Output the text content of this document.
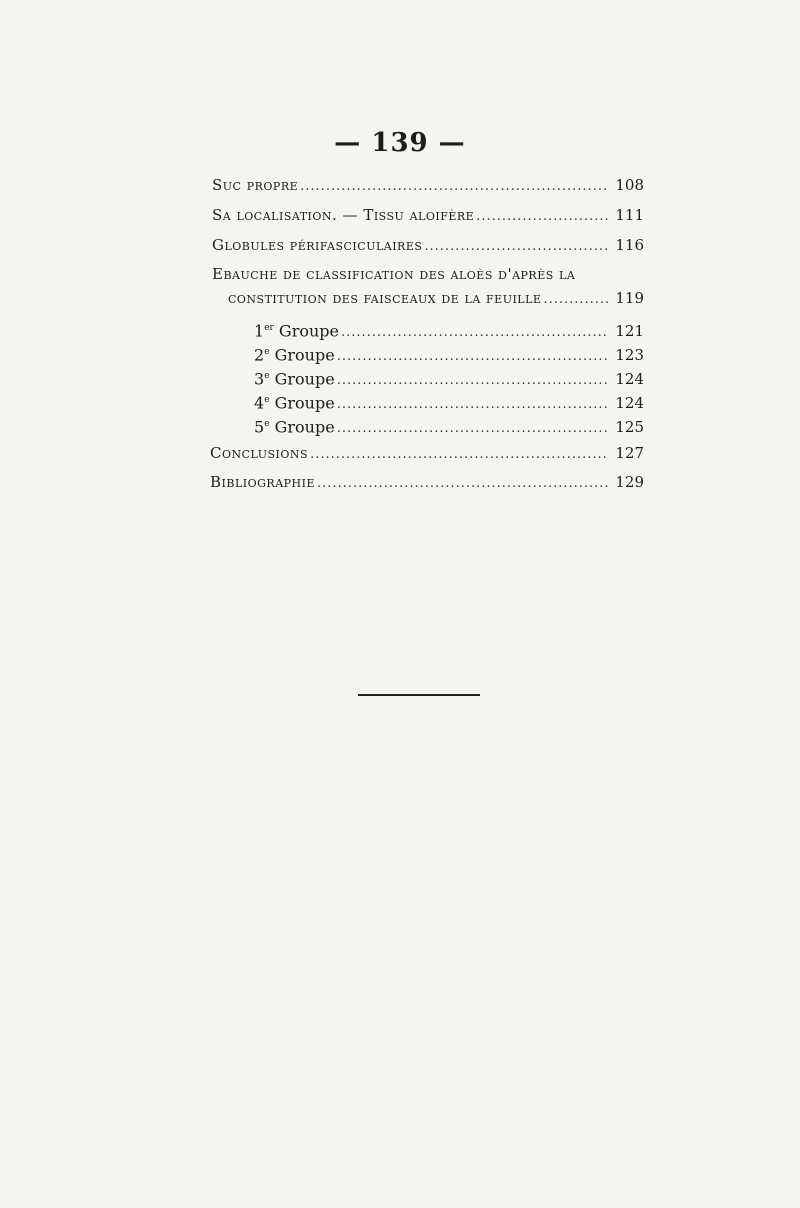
— 139 —
Suc propre .....	108
Sa localisation. — Tissu aloifère .....	111
Globules périfasciculaires .....	116
Ebauche de classification des aloès d'après la
constitution des faisceaux de la feuille .....	119
1er Groupe .....	121
2e Groupe .....	123
3e Groupe .....	124
4e Groupe .....	124
5e Groupe .....	125
Conclusions .....	127
Bibliographie .....	129
